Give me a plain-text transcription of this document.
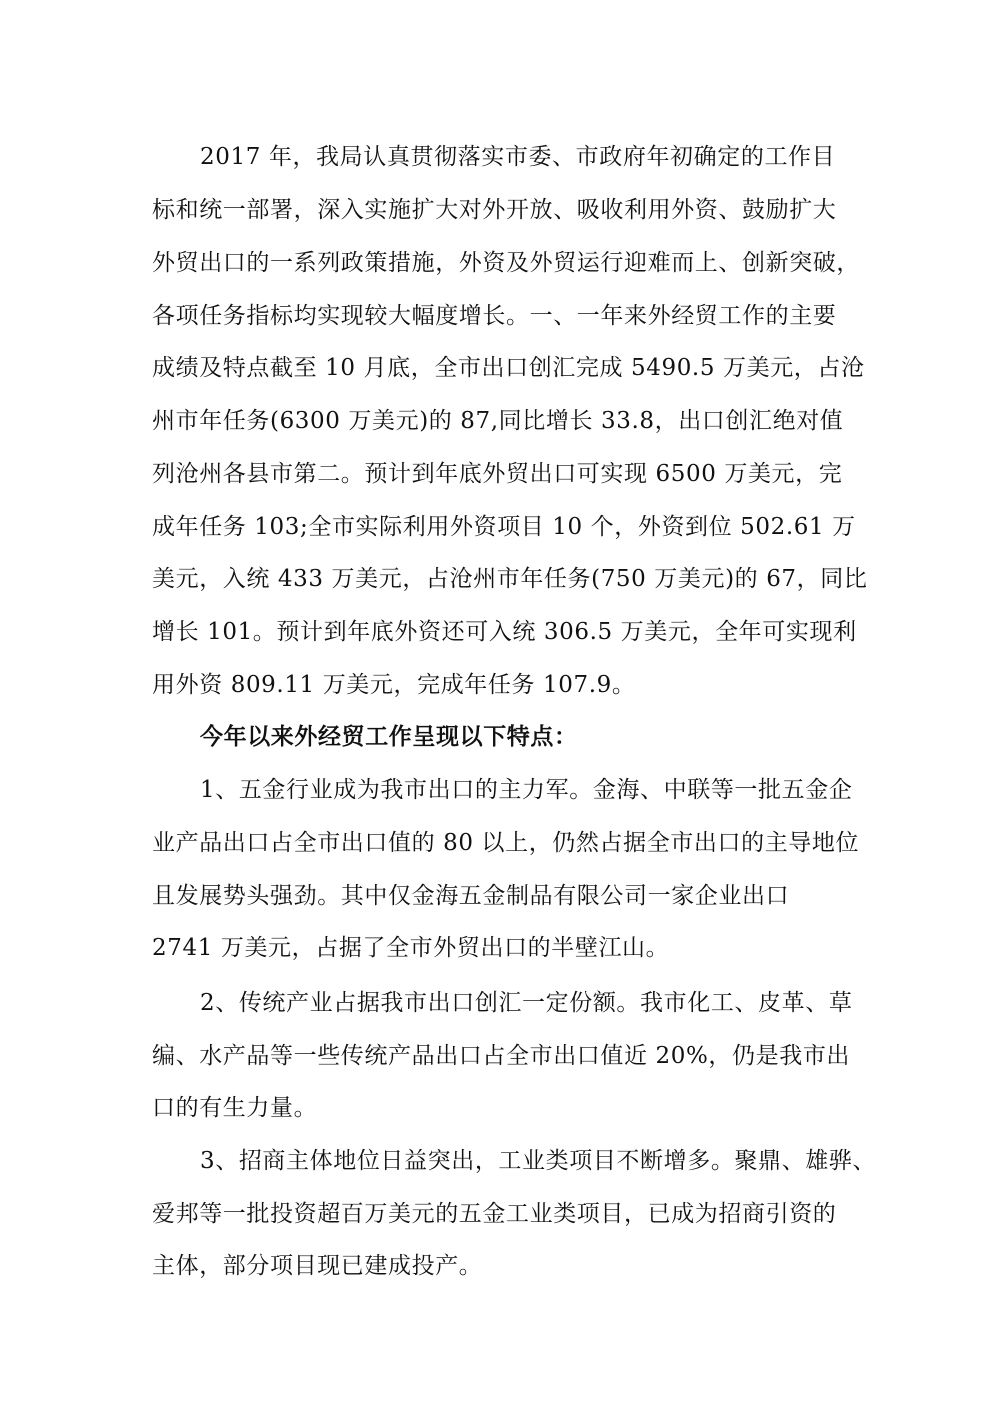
2017 年，我局认真贯彻落实市委、市政府年初确定的工作目
标和统一部署，深入实施扩大对外开放、吸收利用外资、鼓励扩大
外贸出口的一系列政策措施，外资及外贸运行迎难而上、创新突破，
各项任务指标均实现较大幅度增长。一、一年来外经贸工作的主要
成绩及特点截至 10 月底，全市出口创汇完成 5490.5 万美元，占沧
州市年任务(6300 万美元)的 87,同比增长 33.8，出口创汇绝对值
列沧州各县市第二。预计到年底外贸出口可实现 6500 万美元，完
成年任务 103;全市实际利用外资项目 10 个，外资到位 502.61 万
美元，入统 433 万美元，占沧州市年任务(750 万美元)的 67，同比
增长 101。预计到年底外资还可入统 306.5 万美元，全年可实现利
用外资 809.11 万美元，完成年任务 107.9。
今年以来外经贸工作呈现以下特点：
1、五金行业成为我市出口的主力军。金海、中联等一批五金企
业产品出口占全市出口值的 80 以上，仍然占据全市出口的主导地位
且发展势头强劲。其中仅金海五金制品有限公司一家企业出口
2741 万美元，占据了全市外贸出口的半壁江山。
2、传统产业占据我市出口创汇一定份额。我市化工、皮革、草
编、水产品等一些传统产品出口占全市出口值近 20%，仍是我市出
口的有生力量。
3、招商主体地位日益突出，工业类项目不断增多。聚鼎、雄骅、
爱邦等一批投资超百万美元的五金工业类项目，已成为招商引资的
主体，部分项目现已建成投产。
